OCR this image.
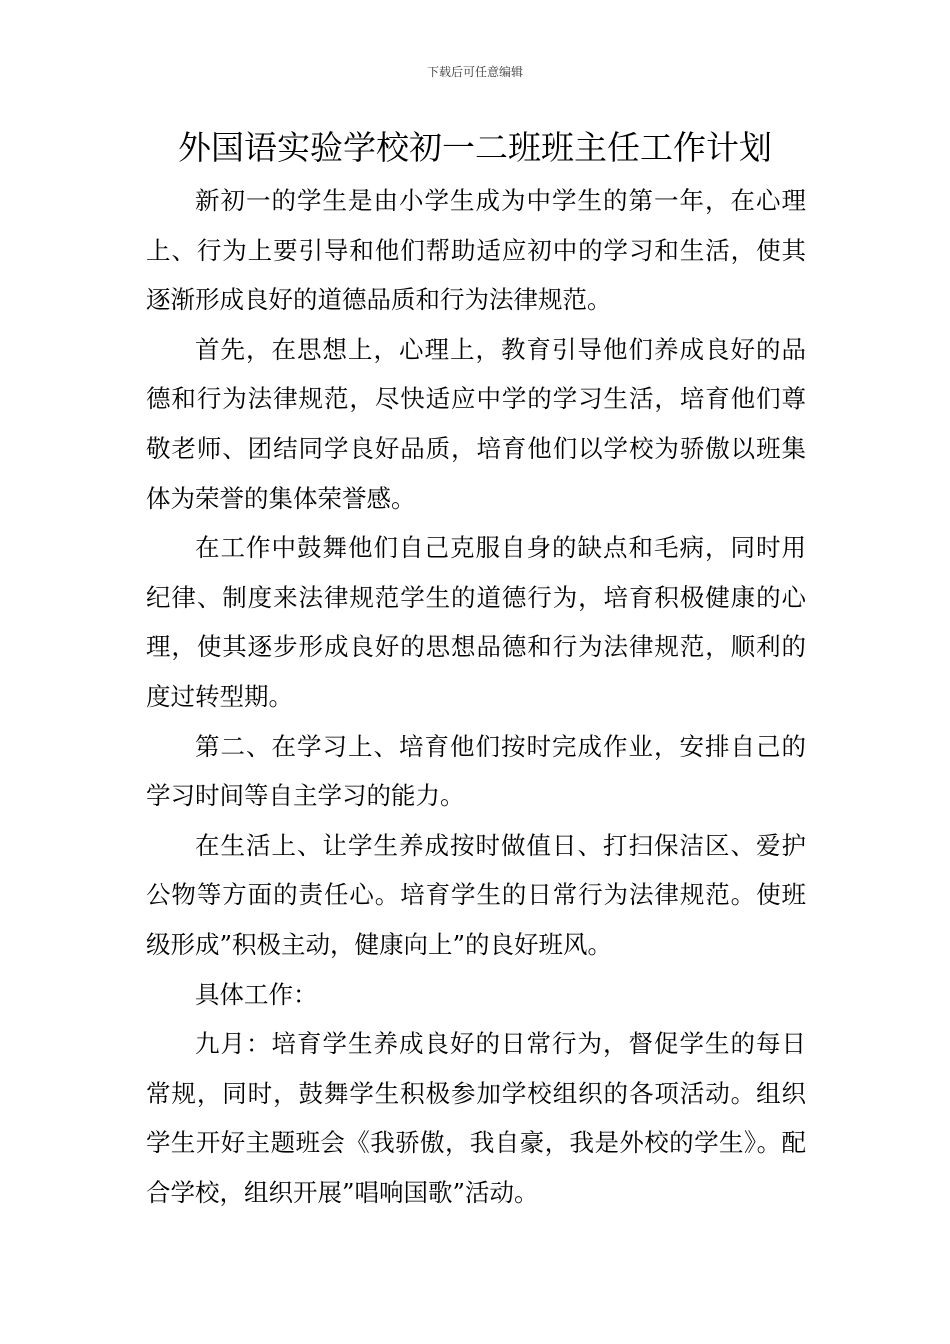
下载后可任意编辑
外国语实验学校初一二班班主任工作计划

新初一的学生是由小学生成为中学生的第一年，在心理上、行为上要引导和他们帮助适应初中的学习和生活，使其逐渐形成良好的道德品质和行为法律规范。

首先，在思想上，心理上，教育引导他们养成良好的品德和行为法律规范，尽快适应中学的学习生活，培育他们尊敬老师、团结同学良好品质，培育他们以学校为骄傲以班集体为荣誉的集体荣誉感。

在工作中鼓舞他们自己克服自身的缺点和毛病，同时用纪律、制度来法律规范学生的道德行为，培育积极健康的心理，使其逐步形成良好的思想品德和行为法律规范，顺利的度过转型期。

第二、在学习上、培育他们按时完成作业，安排自己的学习时间等自主学习的能力。

在生活上、让学生养成按时做值日、打扫保洁区、爱护公物等方面的责任心。培育学生的日常行为法律规范。使班级形成”积极主动，健康向上”的良好班风。

具体工作：

九月：培育学生养成良好的日常行为，督促学生的每日常规，同时，鼓舞学生积极参加学校组织的各项活动。组织学生开好主题班会《我骄傲，我自豪，我是外校的学生》。配合学校，组织开展”唱响国歌”活动。
